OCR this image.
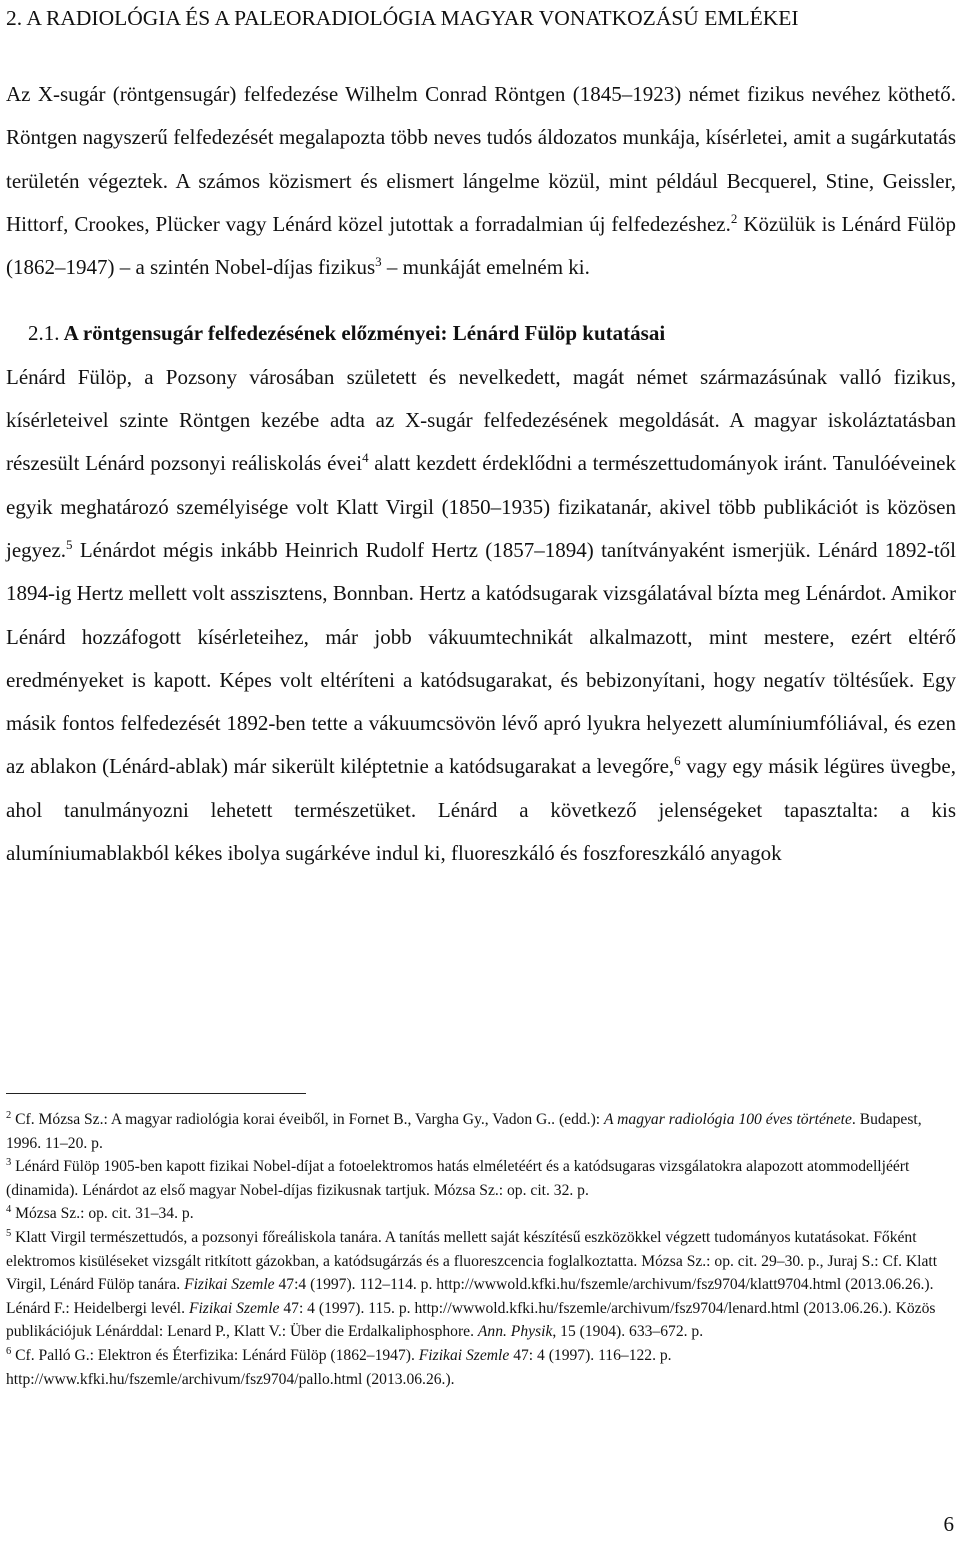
2. A RADIOLÓGIA ÉS A PALEORADIOLÓGIA MAGYAR VONATKOZÁSÚ EMLÉKEI

Az X-sugár (röntgensugár) felfedezése Wilhelm Conrad Röntgen (1845–1923) német fizikus nevéhez köthető. Röntgen nagyszerű felfedezését megalapozta több neves tudós áldozatos munkája, kísérletei, amit a sugárkutatás területén végeztek. A számos közismert és elismert lángelme közül, mint például Becquerel, Stine, Geissler, Hittorf, Crookes, Plücker vagy Lénárd közel jutottak a forradalmian új felfedezéshez.$^2$ Közülük is Lénárd Fülöp (1862–1947) – a szintén Nobel-díjas fizikus$^3$ – munkáját emelném ki.

2.1. A röntgensugár felfedezésének előzményei: Lénárd Fülöp kutatásai

Lénárd Fülöp, a Pozsony városában született és nevelkedett, magát német származásúnak valló fizikus, kísérleteivel szinte Röntgen kezébe adta az X-sugár felfedezésének megoldását. A magyar iskoláztatásban részesült Lénárd pozsonyi reáliskolás évei$^4$ alatt kezdett érdeklődni a természettudományok iránt. Tanulóéveinek egyik meghatározó személyisége volt Klatt Virgil (1850–1935) fizikatanár, akivel több publikációt is közösen jegyez.$^5$ Lénárdot mégis inkább Heinrich Rudolf Hertz (1857–1894) tanítványaként ismerjük. Lénárd 1892-től 1894-ig Hertz mellett volt asszisztens, Bonnban. Hertz a katódsugarak vizsgálatával bízta meg Lénárdot. Amikor Lénárd hozzáfogott kísérleteihez, már jobb vákuumtechnikát alkalmazott, mint mestere, ezért eltérő eredményeket is kapott. Képes volt eltéríteni a katódsugarakat, és bebizonyítani, hogy negatív töltésűek. Egy másik fontos felfedezését 1892-ben tette a vákuumcsövön lévő apró lyukra helyezett alumíniumfóliával, és ezen az ablakon (Lénárd-ablak) már sikerült kiléptetnie a katódsugarakat a levegőre,$^6$ vagy egy másik légüres üvegbe, ahol tanulmányozni lehetett természetüket. Lénárd a következő jelenségeket tapasztalta: a kis alumíniumablakból kékes ibolya sugárkéve indul ki, fluoreszkáló és foszforeszkáló anyagok

$^2$ Cf. Mózsa Sz.: A magyar radiológia korai éveiből, in Fornet B., Vargha Gy., Vadon G.. (edd.): A magyar radiológia 100 éves története. Budapest, 1996. 11–20. p.

$^3$ Lénárd Fülöp 1905-ben kapott fizikai Nobel-díjat a fotoelektromos hatás elméletéért és a katódsugaras vizsgálatokra alapozott atommodelljéért (dinamida). Lénárdot az első magyar Nobel-díjas fizikusnak tartjuk. Mózsa Sz.: op. cit. 32. p.

$^4$ Mózsa Sz.: op. cit. 31–34. p.

$^5$ Klatt Virgil természettudós, a pozsonyi főreáliskola tanára. A tanítás mellett saját készítésű eszközökkel végzett tudományos kutatásokat. Főként elektromos kisüléseket vizsgált ritkított gázokban, a katódsugárzás és a fluoreszcencia foglalkoztatta. Mózsa Sz.: op. cit. 29–30. p., Juraj S.: Cf. Klatt Virgil, Lénárd Fülöp tanára. Fizikai Szemle 47:4 (1997). 112–114. p. http://wwwold.kfki.hu/fszemle/archivum/fsz9704/klatt9704.html (2013.06.26.). Lénárd F.: Heidelbergi levél. Fizikai Szemle 47: 4 (1997). 115. p. http://wwwold.kfki.hu/fszemle/archivum/fsz9704/lenard.html (2013.06.26.). Közös publikációjuk Lénárddal: Lenard P., Klatt V.: Über die Erdalkaliphosphore. Ann. Physik, 15 (1904). 633–672. p.

$^6$ Cf. Palló G.: Elektron és Éterfizika: Lénárd Fülöp (1862–1947). Fizikai Szemle 47: 4 (1997). 116–122. p. http://www.kfki.hu/fszemle/archivum/fsz9704/pallo.html (2013.06.26.).

6
